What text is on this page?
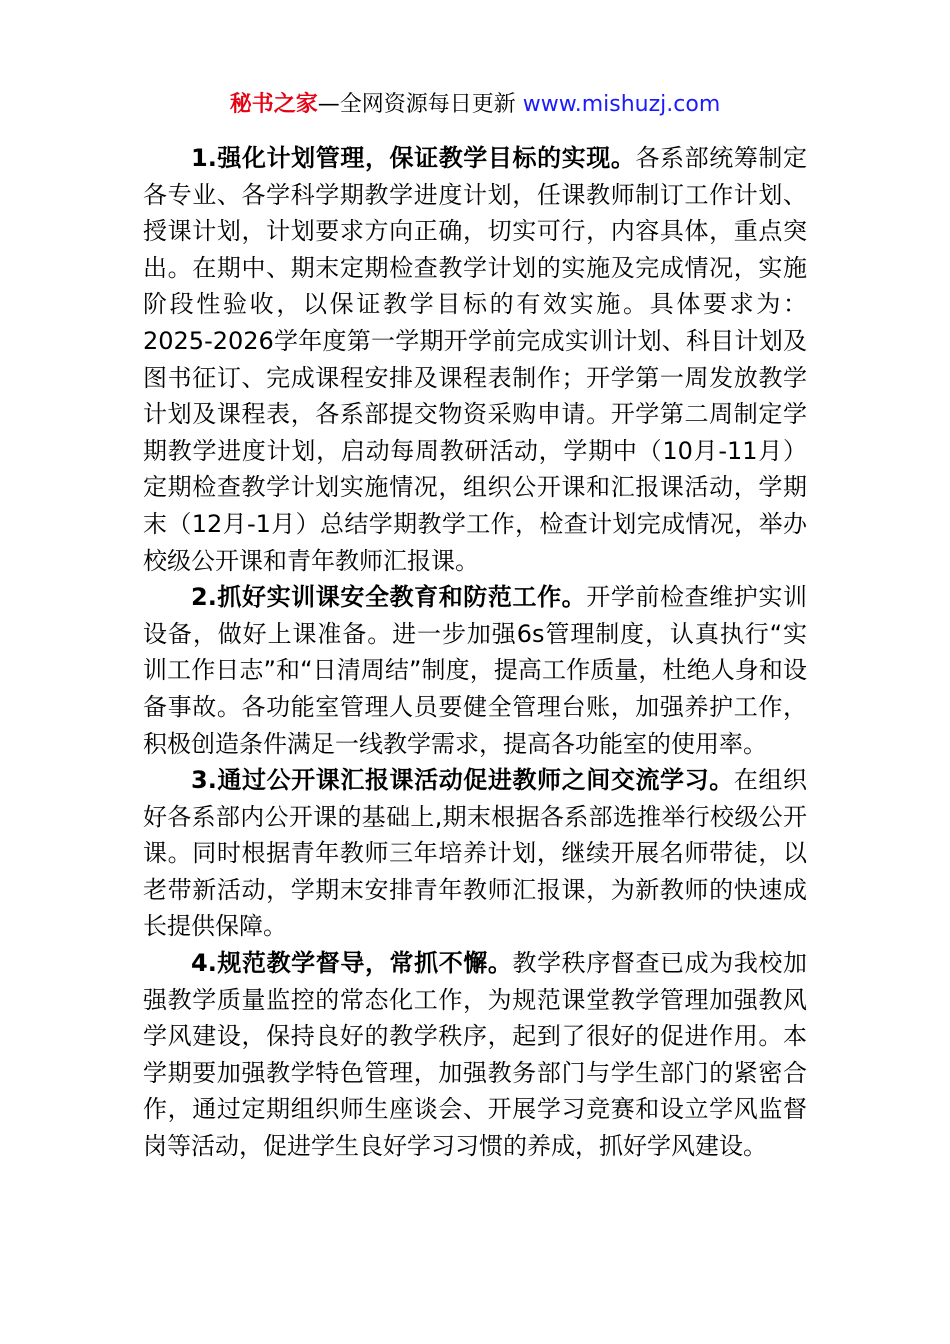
秘书之家—全网资源每日更新 www.mishuzj.com

1.强化计划管理，保证教学目标的实现。各系部统筹制定各专业、各学科学期教学进度计划，任课教师制订工作计划、授课计划，计划要求方向正确，切实可行，内容具体，重点突出。在期中、期末定期检查教学计划的实施及完成情况，实施阶段性验收，以保证教学目标的有效实施。具体要求为：2025-2026学年度第一学期开学前完成实训计划、科目计划及图书征订、完成课程安排及课程表制作；开学第一周发放教学计划及课程表，各系部提交物资采购申请。开学第二周制定学期教学进度计划，启动每周教研活动，学期中（10月-11月）定期检查教学计划实施情况，组织公开课和汇报课活动，学期末（12月-1月）总结学期教学工作，检查计划完成情况，举办校级公开课和青年教师汇报课。

2.抓好实训课安全教育和防范工作。开学前检查维护实训设备，做好上课准备。进一步加强6s管理制度，认真执行“实训工作日志”和“日清周结”制度，提高工作质量，杜绝人身和设备事故。各功能室管理人员要健全管理台账，加强养护工作，积极创造条件满足一线教学需求，提高各功能室的使用率。

3.通过公开课汇报课活动促进教师之间交流学习。在组织好各系部内公开课的基础上,期末根据各系部选推举行校级公开课。同时根据青年教师三年培养计划，继续开展名师带徒，以老带新活动，学期末安排青年教师汇报课，为新教师的快速成长提供保障。

4.规范教学督导，常抓不懈。教学秩序督查已成为我校加强教学质量监控的常态化工作，为规范课堂教学管理加强教风学风建设，保持良好的教学秩序，起到了很好的促进作用。本学期要加强教学特色管理，加强教务部门与学生部门的紧密合作，通过定期组织师生座谈会、开展学习竞赛和设立学风监督岗等活动，促进学生良好学习习惯的养成，抓好学风建设。
